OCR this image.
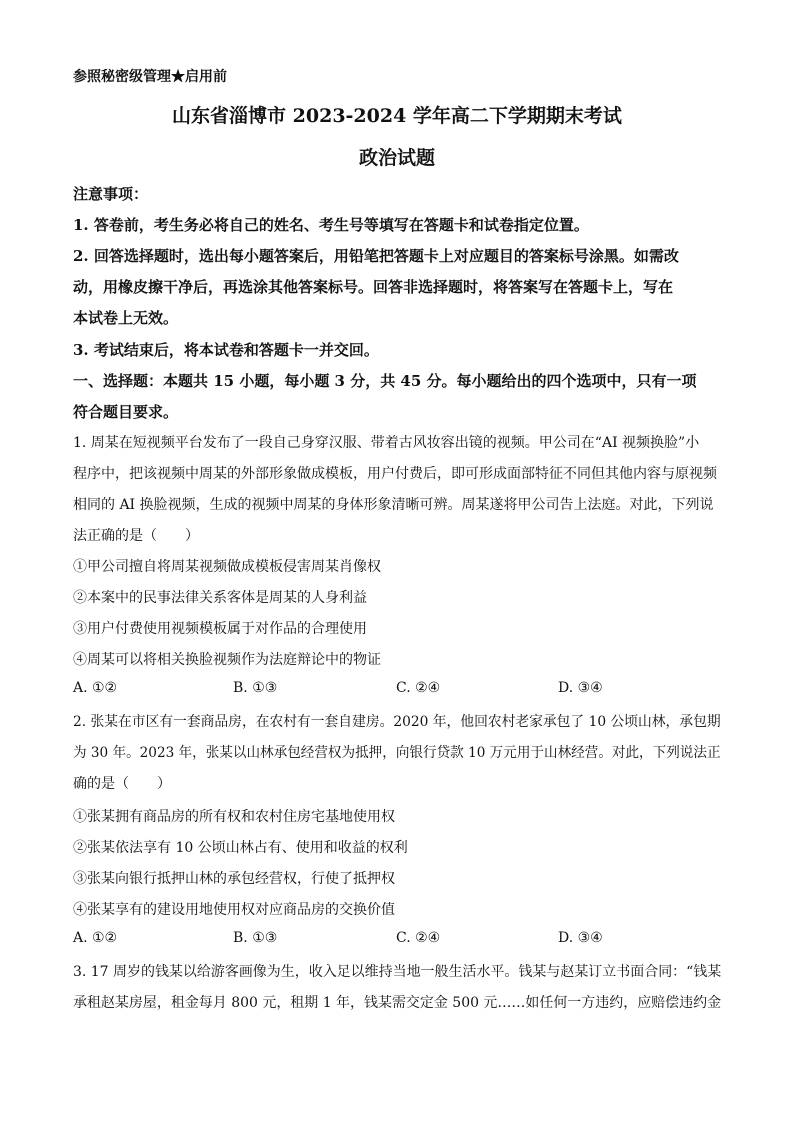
参照秘密级管理★启用前
山东省淄博市 2023-2024 学年高二下学期期末考试
政治试题
注意事项：
1. 答卷前，考生务必将自己的姓名、考生号等填写在答题卡和试卷指定位置。
2. 回答选择题时，选出每小题答案后，用铅笔把答题卡上对应题目的答案标号涂黑。如需改
动，用橡皮擦干净后，再选涂其他答案标号。回答非选择题时，将答案写在答题卡上，写在
本试卷上无效。
3. 考试结束后，将本试卷和答题卡一并交回。
一、选择题：本题共 15 小题，每小题 3 分，共 45 分。每小题给出的四个选项中，只有一项
符合题目要求。
1. 周某在短视频平台发布了一段自己身穿汉服、带着古风妆容出镜的视频。甲公司在“AI 视频换脸”小
程序中，把该视频中周某的外部形象做成模板，用户付费后，即可形成面部特征不同但其他内容与原视频
相同的 AI 换脸视频，生成的视频中周某的身体形象清晰可辨。周某遂将甲公司告上法庭。对此，下列说
法正确的是（　　）
①甲公司擅自将周某视频做成模板侵害周某肖像权
②本案中的民事法律关系客体是周某的人身利益
③用户付费使用视频模板属于对作品的合理使用
④周某可以将相关换脸视频作为法庭辩论中的物证
A. ①②	B. ①③	C. ②④	D. ③④
2. 张某在市区有一套商品房，在农村有一套自建房。2020 年，他回农村老家承包了 10 公顷山林，承包期
为 30 年。2023 年，张某以山林承包经营权为抵押，向银行贷款 10 万元用于山林经营。对此，下列说法正
确的是（　　）
①张某拥有商品房的所有权和农村住房宅基地使用权
②张某依法享有 10 公顷山林占有、使用和收益的权利
③张某向银行抵押山林的承包经营权，行使了抵押权
④张某享有的建设用地使用权对应商品房的交换价值
A. ①②	B. ①③	C. ②④	D. ③④
3. 17 周岁的钱某以给游客画像为生，收入足以维持当地一般生活水平。钱某与赵某订立书面合同：“钱某
承租赵某房屋，租金每月 800 元，租期 1 年，钱某需交定金 500 元……如任何一方违约，应赔偿违约金
